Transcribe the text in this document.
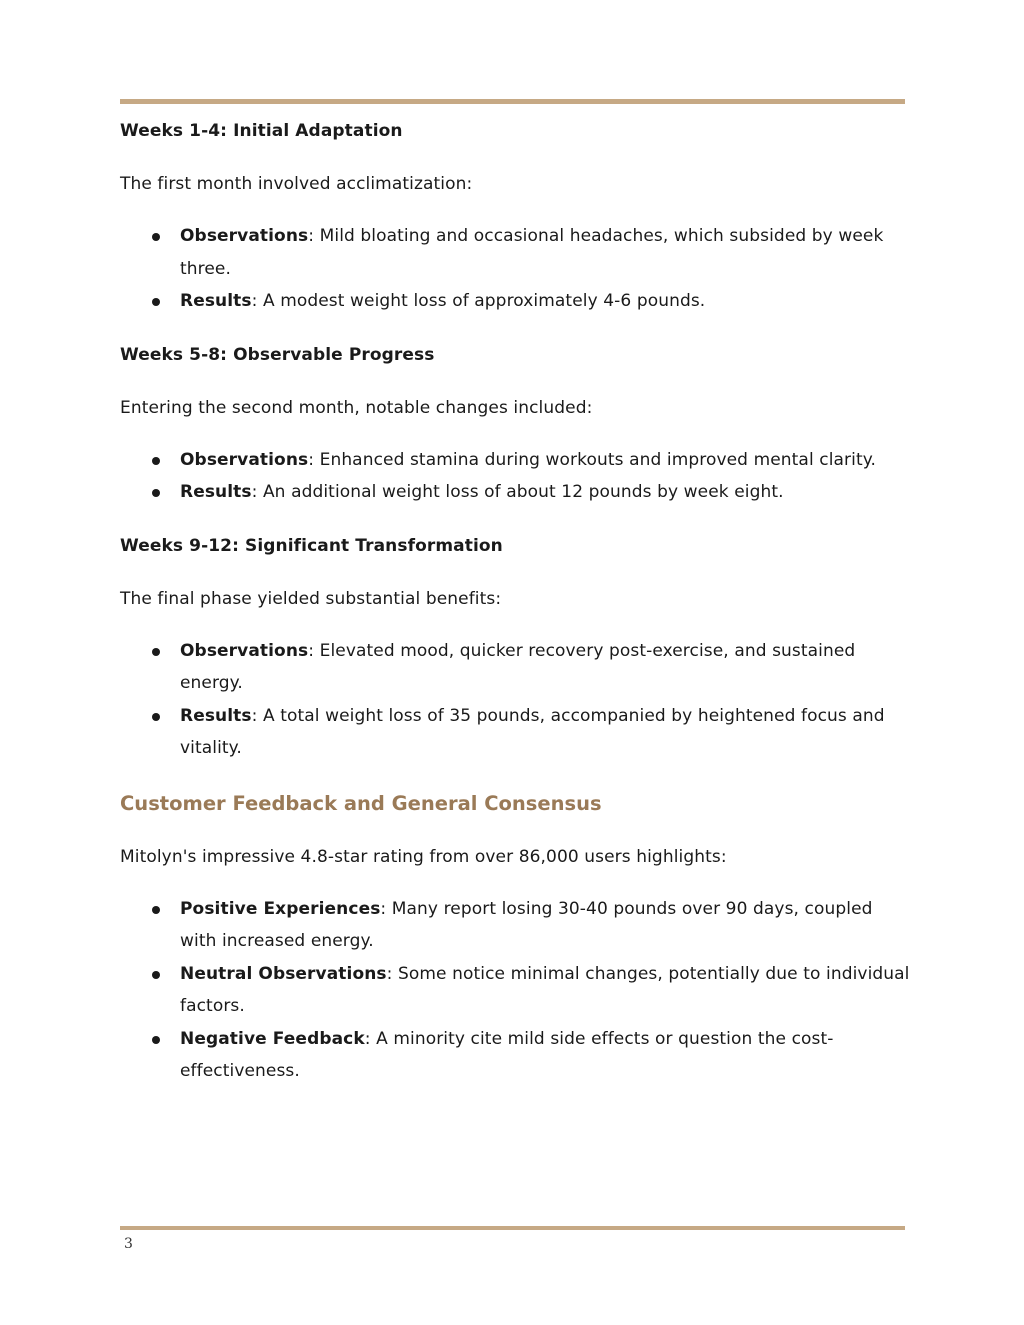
Weeks 1-4: Initial Adaptation

The first month involved acclimatization:

Observations: Mild bloating and occasional headaches, which subsided by week three.
Results: A modest weight loss of approximately 4-6 pounds.
Weeks 5-8: Observable Progress

Entering the second month, notable changes included:

Observations: Enhanced stamina during workouts and improved mental clarity.
Results: An additional weight loss of about 12 pounds by week eight.
Weeks 9-12: Significant Transformation

The final phase yielded substantial benefits:

Observations: Elevated mood, quicker recovery post-exercise, and sustained energy.
Results: A total weight loss of 35 pounds, accompanied by heightened focus and vitality.
Customer Feedback and General Consensus

Mitolyn's impressive 4.8-star rating from over 86,000 users highlights:

Positive Experiences: Many report losing 30-40 pounds over 90 days, coupled with increased energy.
Neutral Observations: Some notice minimal changes, potentially due to individual factors.
Negative Feedback: A minority cite mild side effects or question the cost-effectiveness.
3
